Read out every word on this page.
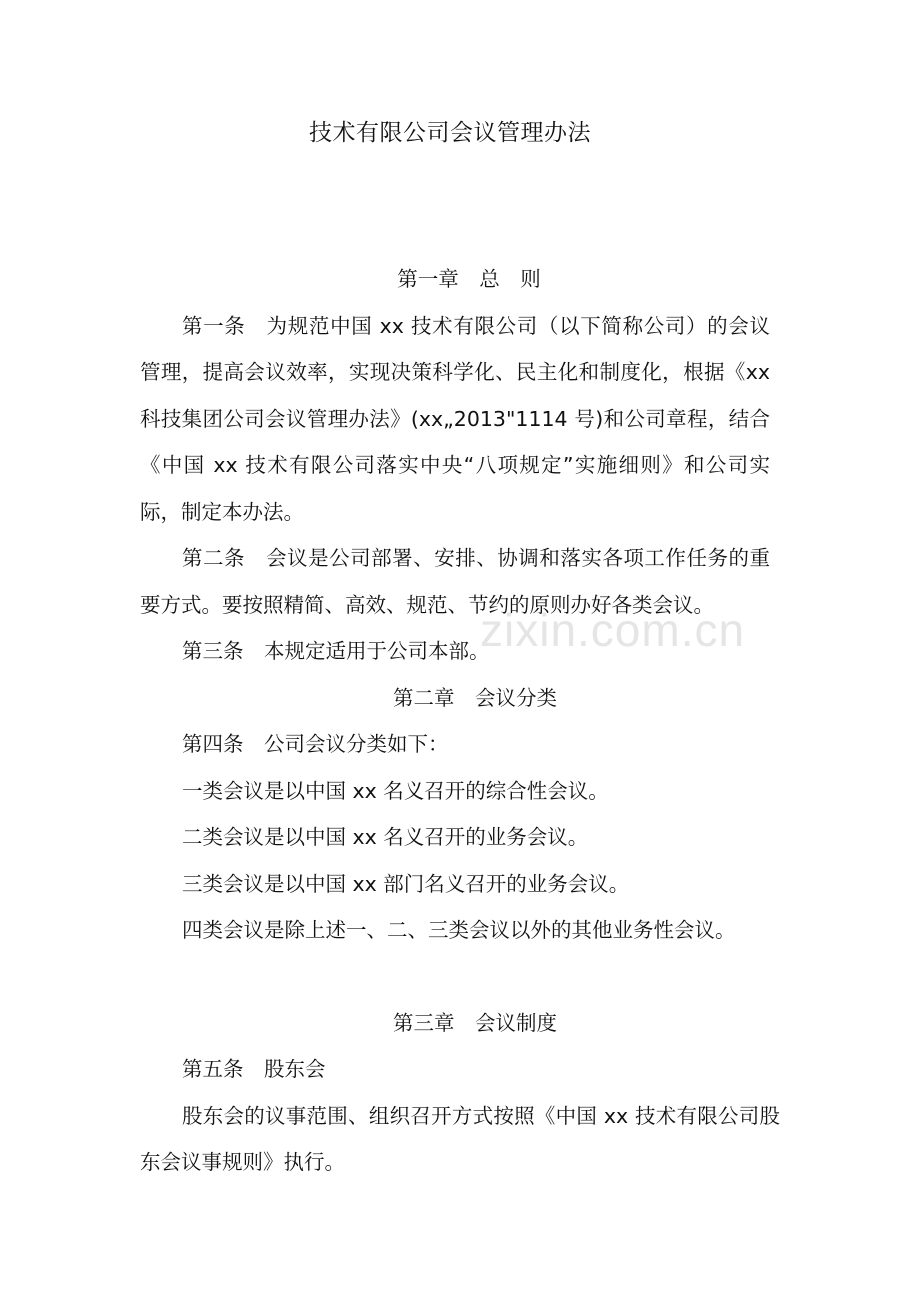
技术有限公司会议管理办法

第一章　总　则

第一条　为规范中国 xx 技术有限公司（以下简称公司）的会议管理，提高会议效率，实现决策科学化、民主化和制度化，根据《xx科技集团公司会议管理办法》(xx„2013"1114 号)和公司章程，结合《中国 xx 技术有限公司落实中央“八项规定”实施细则》和公司实际，制定本办法。

第二条　会议是公司部署、安排、协调和落实各项工作任务的重要方式。要按照精简、高效、规范、节约的原则办好各类会议。

第三条　本规定适用于公司本部。

第二章　会议分类

第四条　公司会议分类如下：

一类会议是以中国 xx 名义召开的综合性会议。

二类会议是以中国 xx 名义召开的业务会议。

三类会议是以中国 xx 部门名义召开的业务会议。

四类会议是除上述一、二、三类会议以外的其他业务性会议。

第三章　会议制度

第五条　股东会

股东会的议事范围、组织召开方式按照《中国 xx 技术有限公司股东会议事规则》执行。

zixin.com.cn
